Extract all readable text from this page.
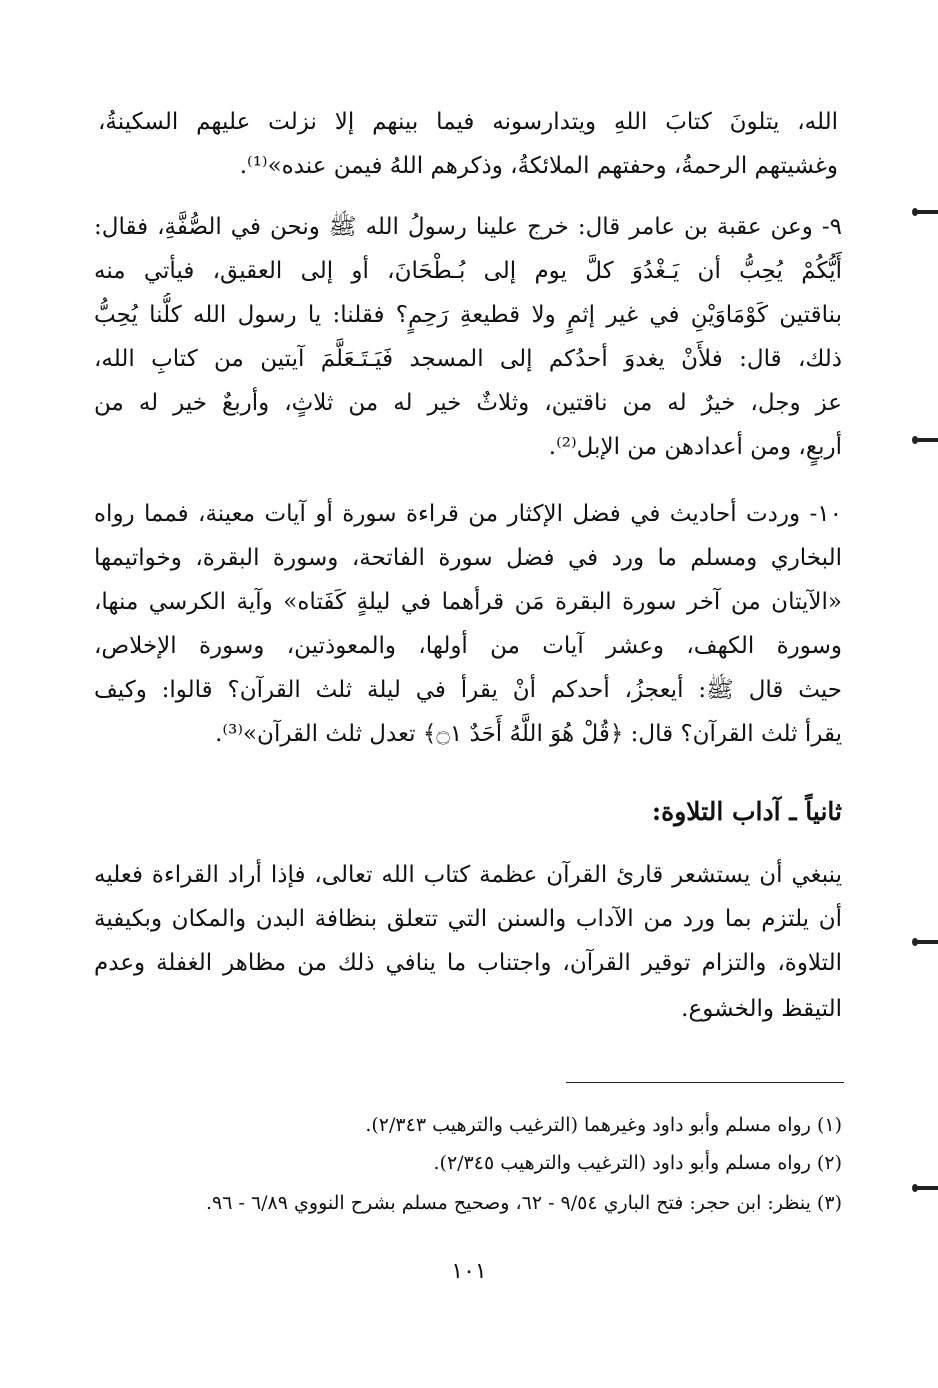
الله، يتلونَ كتابَ اللهِ ويتدارسونه فيما بينهم إلا نزلت عليهم السكينةُ،
وغشيتهم الرحمةُ، وحفتهم الملائكةُ، وذكرهم اللهُ فيمن عنده»⁽¹⁾.
٩- وعن عقبة بن عامر قال: خرج علينا رسولُ الله ﷺ ونحن في الصُّفَّةِ، فقال:
أَيُّكُمْ يُحِبُّ أن يَـغْدُوَ كلَّ يوم إلى بُـطْحَانَ، أو إلى العقيق، فيأتي منه
بناقتين كَوْمَاوَيْنِ في غير إثمٍ ولا قطيعةِ رَحِمٍ؟ فقلنا: يا رسول الله كلُّنا يُحِبُّ
ذلك، قال: فلأَنْ يغدوَ أحدُكم إلى المسجد فَيَـتَـعَلَّمَ آيتين من كتابِ الله،
عز وجل، خيرٌ له من ناقتين، وثلاثٌ خير له من ثلاثٍ، وأربعٌ خير له من
أربعٍ، ومن أعدادهن من الإبل⁽²⁾.
١٠- وردت أحاديث في فضل الإكثار من قراءة سورة أو آيات معينة، فمما رواه
البخاري ومسلم ما ورد في فضل سورة الفاتحة، وسورة البقرة، وخواتيمها
«الآيتان من آخر سورة البقرة مَن قرأهما في ليلةٍ كَفَتاه» وآية الكرسي منها،
وسورة الكهف، وعشر آيات من أولها، والمعوذتين، وسورة الإخلاص،
حيث قال ﷺ: أيعجزُ، أحدكم أنْ يقرأ في ليلة ثلث القرآن؟ قالوا: وكيف
يقرأ ثلث القرآن؟ قال: ﴿قُلْ هُوَ اللَّهُ أَحَدٌ ۝١﴾ تعدل ثلث القرآن»⁽³⁾.
ثانياً ـ آداب التلاوة:
ينبغي أن يستشعر قارئ القرآن عظمة كتاب الله تعالى، فإذا أراد القراءة فعليه
أن يلتزم بما ورد من الآداب والسنن التي تتعلق بنظافة البدن والمكان وبكيفية
التلاوة، والتزام توقير القرآن، واجتناب ما ينافي ذلك من مظاهر الغفلة وعدم
التيقظ والخشوع.
(١) رواه مسلم وأبو داود وغيرهما (الترغيب والترهيب ٢/٣٤٣).
(٢) رواه مسلم وأبو داود (الترغيب والترهيب ٢/٣٤٥).
(٣) ينظر: ابن حجر: فتح الباري ٩/٥٤ - ٦٢، وصحيح مسلم بشرح النووي ٦/٨٩ - ٩٦.
١٠١
